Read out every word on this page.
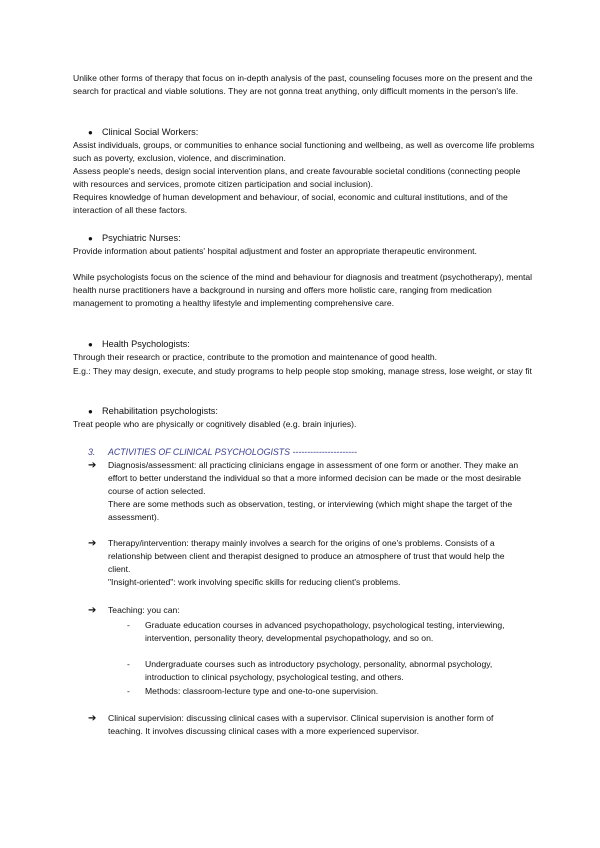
Unlike other forms of therapy that focus on in-depth analysis of the past, counseling focuses more on the present and the search for practical and viable solutions. They are not gonna treat anything, only difficult moments in the person's life.

● Clinical Social Workers:

Assist individuals, groups, or communities to enhance social functioning and wellbeing, as well as overcome life problems such as poverty, exclusion, violence, and discrimination.

Assess people's needs, design social intervention plans, and create favourable societal conditions (connecting people with resources and services, promote citizen participation and social inclusion).

Requires knowledge of human development and behaviour, of social, economic and cultural institutions, and of the interaction of all these factors.

● Psychiatric Nurses:

Provide information about patients' hospital adjustment and foster an appropriate therapeutic environment.

While psychologists focus on the science of the mind and behaviour for diagnosis and treatment (psychotherapy), mental health nurse practitioners have a background in nursing and offers more holistic care, ranging from medication management to promoting a healthy lifestyle and implementing comprehensive care.

● Health Psychologists:

Through their research or practice, contribute to the promotion and maintenance of good health.

E.g.: They may design, execute, and study programs to help people stop smoking, manage stress, lose weight, or stay fit

● Rehabilitation psychologists:

Treat people who are physically or cognitively disabled (e.g. brain injuries).

3. ACTIVITIES OF CLINICAL PSYCHOLOGISTS ----------------------

➔ Diagnosis/assessment: all practicing clinicians engage in assessment of one form or another. They make an effort to better understand the individual so that a more informed decision can be made or the most desirable course of action selected.

There are some methods such as observation, testing, or interviewing (which might shape the target of the assessment).

➔ Therapy/intervention: therapy mainly involves a search for the origins of one's problems. Consists of a relationship between client and therapist designed to produce an atmosphere of trust that would help the client.

"Insight-oriented": work involving specific skills for reducing client's problems.

➔ Teaching: you can:

- Graduate education courses in advanced psychopathology, psychological testing, interviewing, intervention, personality theory, developmental psychopathology, and so on.
- Undergraduate courses such as introductory psychology, personality, abnormal psychology, introduction to clinical psychology, psychological testing, and others.
- Methods: classroom-lecture type and one-to-one supervision.
➔ Clinical supervision: discussing clinical cases with a supervisor. Clinical supervision is another form of teaching. It involves discussing clinical cases with a more experienced supervisor.
